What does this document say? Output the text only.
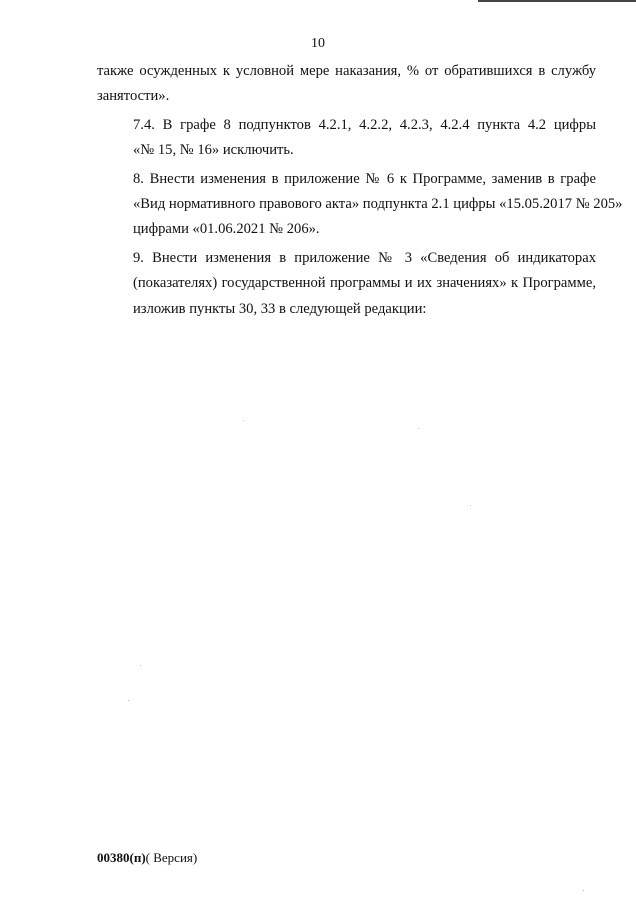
10

также осужденных к условной мере наказания, % от обратившихся в службу
занятости».

7.4. В графе 8 подпунктов 4.2.1, 4.2.2, 4.2.3, 4.2.4 пункта 4.2 цифры
«№ 15, № 16» исключить.

8. Внести изменения в приложение № 6 к Программе, заменив в графе
«Вид нормативного правового акта» подпункта 2.1 цифры «15.05.2017 № 205»
цифрами «01.06.2021 № 206».

9. Внести изменения в приложение № 3 «Сведения об индикаторах
(показателях) государственной программы и их значениях» к Программе,
изложив пункты 30, 33 в следующей редакции:

00380(п)( Версия)
